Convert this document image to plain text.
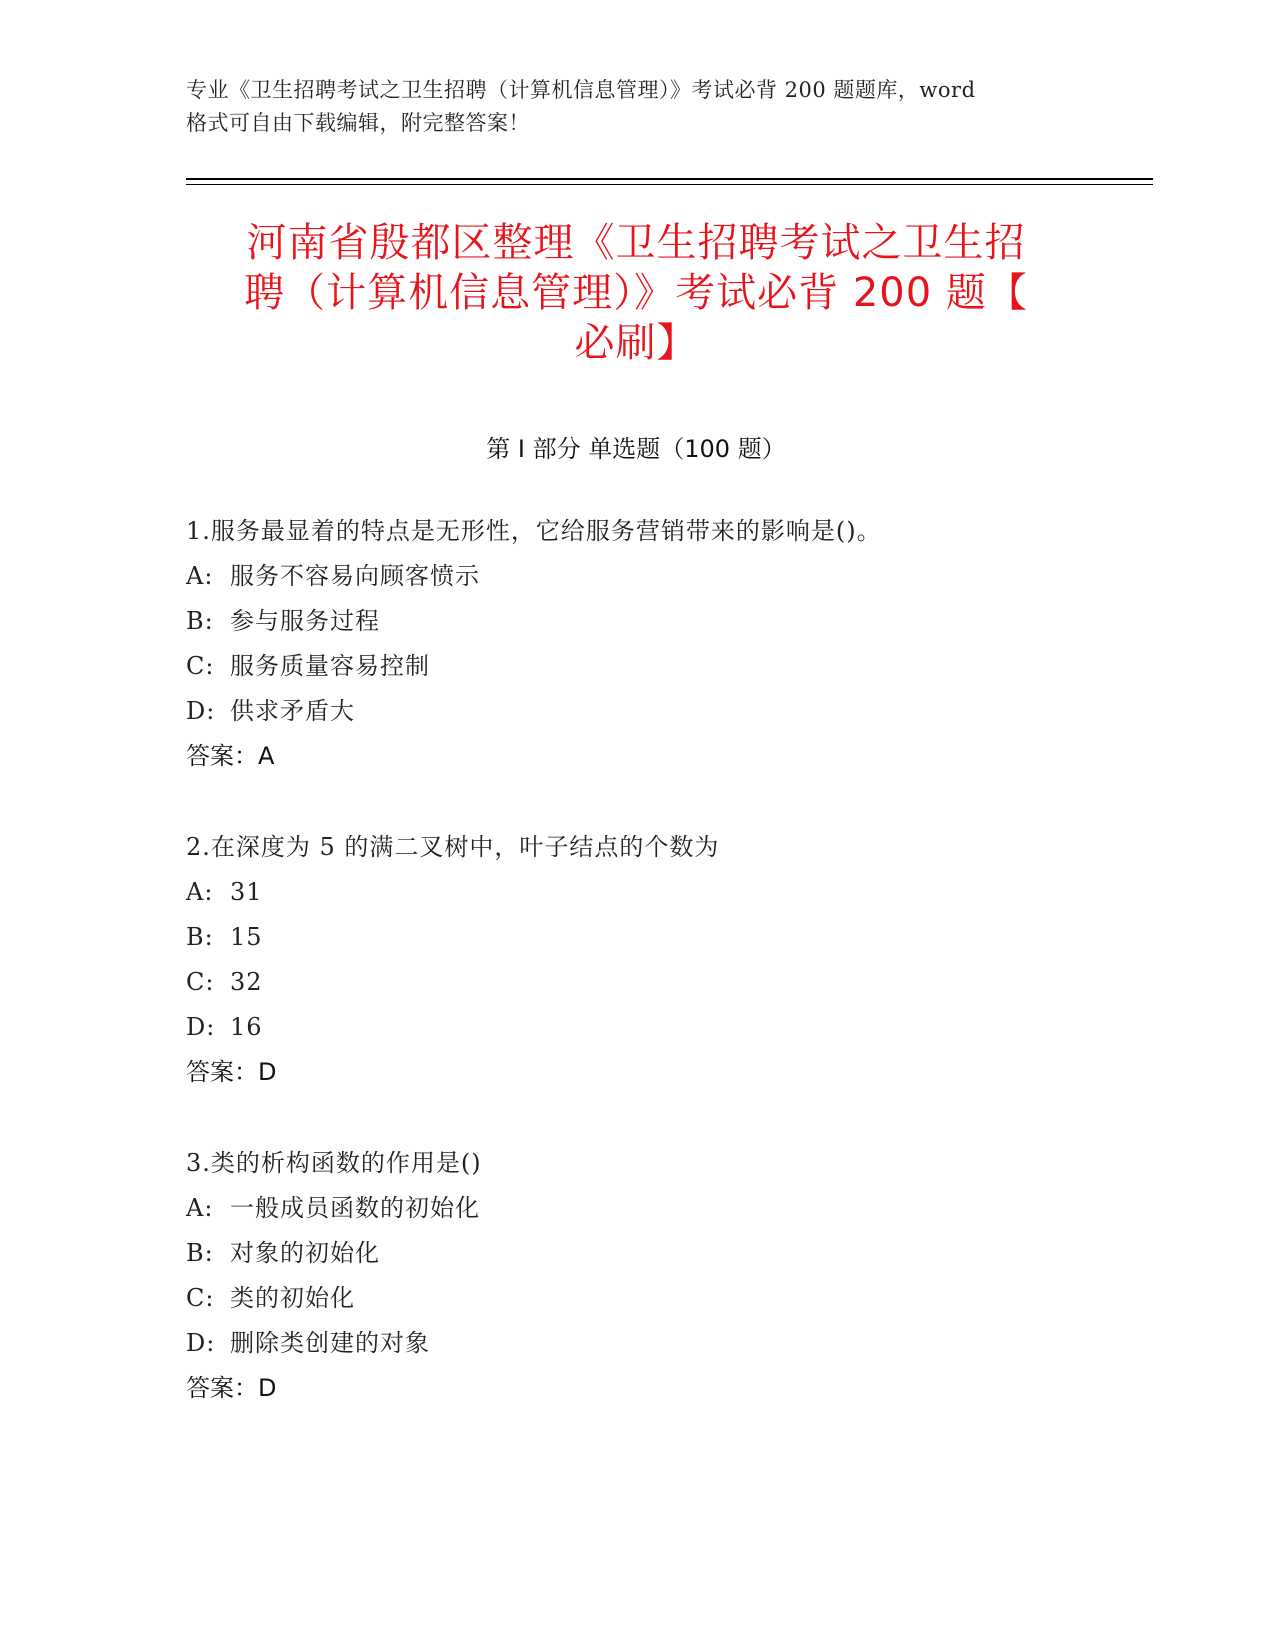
专业《卫生招聘考试之卫生招聘（计算机信息管理）》考试必背 200 题题库，word
格式可自由下载编辑，附完整答案！
河南省殷都区整理《卫生招聘考试之卫生招
聘（计算机信息管理）》考试必背 200 题【
必刷】
第 I 部分 单选题（100 题）
1.服务最显着的特点是无形性，它给服务营销带来的影响是()。
A: 服务不容易向顾客愤示
B: 参与服务过程
C: 服务质量容易控制
D: 供求矛盾大
答案：A
2.在深度为 5 的满二叉树中，叶子结点的个数为
A: 31
B: 15
C: 32
D: 16
答案：D
3.类的析构函数的作用是()
A: 一般成员函数的初始化
B: 对象的初始化
C: 类的初始化
D: 删除类创建的对象
答案：D
